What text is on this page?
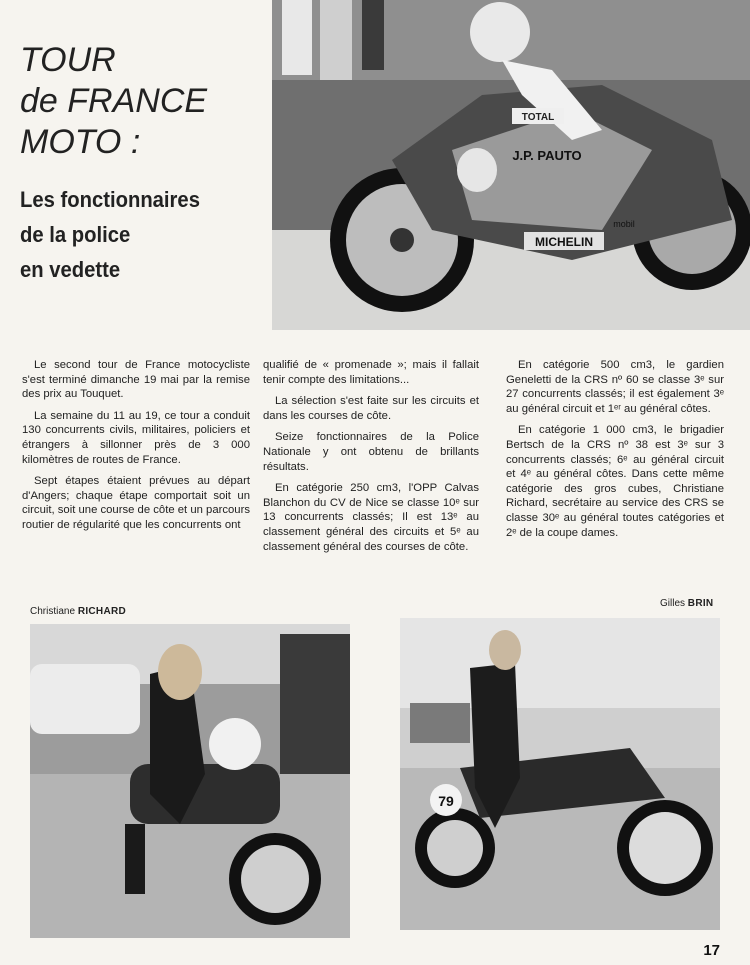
TOUR
de FRANCE
MOTO :
Les fonctionnaires
de la police
en vedette
TOTAL
J.P. PAUTO
mobil
MICHELIN

Le second tour de France motocycliste s'est terminé dimanche 19 mai par la remise des prix au Touquet.

La semaine du 11 au 19, ce tour a conduit 130 concurrents civils, militaires, policiers et étrangers à sillonner près de 3 000 kilomètres de routes de France.

Sept étapes étaient prévues au départ d'Angers; chaque étape comportait soit un circuit, soit une course de côte et un parcours routier de régularité que les concurrents ont

qualifié de « promenade »; mais il fallait tenir compte des limitations...

La sélection s'est faite sur les circuits et dans les courses de côte.

Seize fonctionnaires de la Police Nationale y ont obtenu de brillants résultats.

En catégorie 250 cm3, l'OPP Calvas Blanchon du CV de Nice se classe 10ᵉ sur 13 concurrents classés; Il est 13ᵉ au classement général des circuits et 5ᵉ au classement général des courses de côte.

En catégorie 500 cm3, le gardien Geneletti de la CRS nº 60 se classe 3ᵉ sur 27 concurrents classés; il est également 3ᵉ au général circuit et 1ᵉʳ au général côtes.

En catégorie 1 000 cm3, le brigadier Bertsch de la CRS nº 38 est 3ᵉ sur 3 concurrents classés; 6ᵉ au général circuit et 4ᵉ au général côtes. Dans cette même catégorie des gros cubes, Christiane Richard, secrétaire au service des CRS se classe 30ᵉ au général toutes catégories et 2ᵉ de la coupe dames.

Christiane RICHARD
Gilles BRIN
79
17
